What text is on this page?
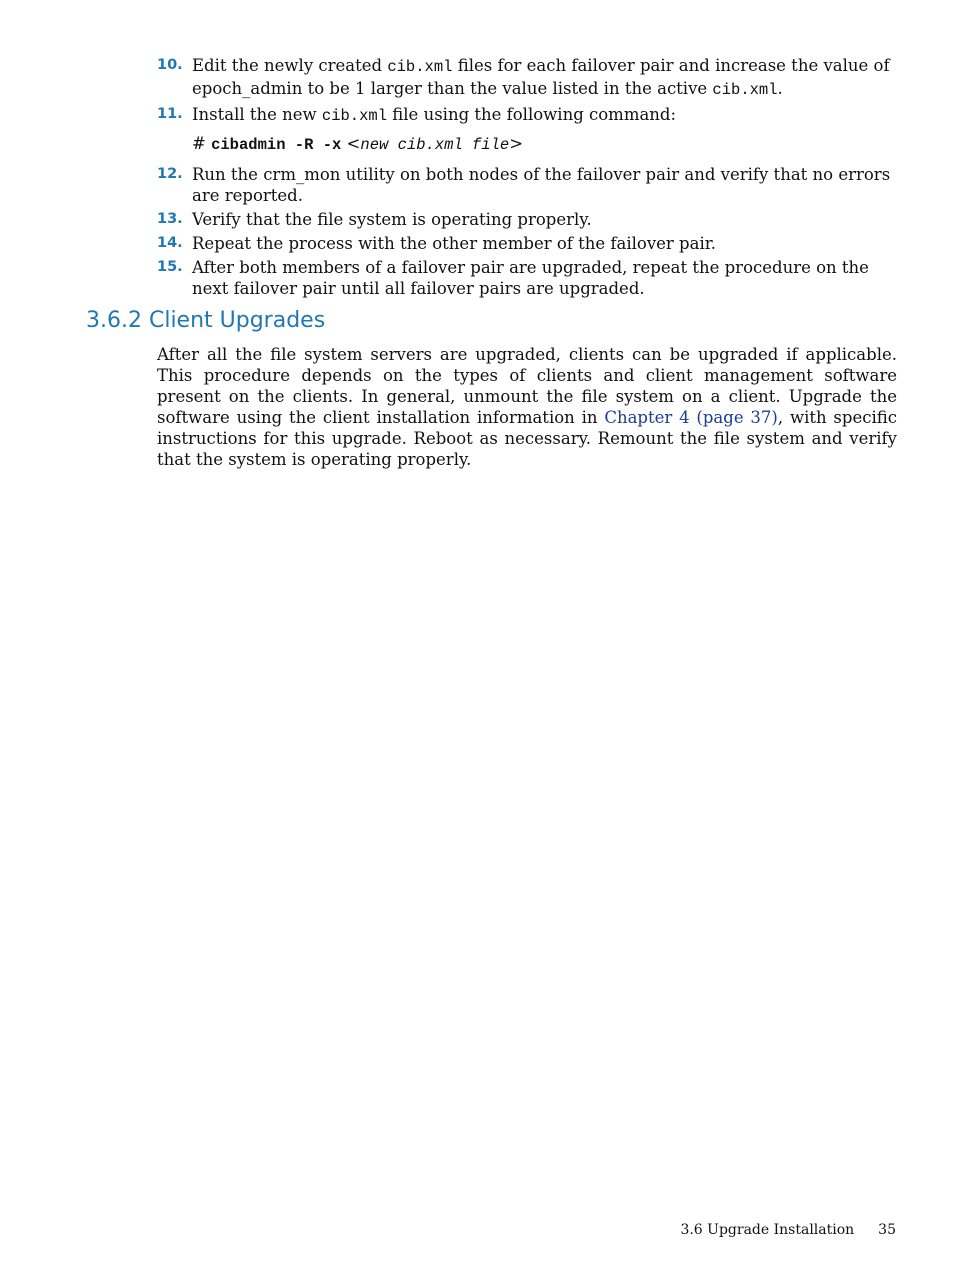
10. Edit the newly created cib.xml files for each failover pair and increase the value of epoch_admin to be 1 larger than the value listed in the active cib.xml.
11. Install the new cib.xml file using the following command:
# cibadmin -R -x <new cib.xml file>
12. Run the crm_mon utility on both nodes of the failover pair and verify that no errors are reported.
13. Verify that the file system is operating properly.
14. Repeat the process with the other member of the failover pair.
15. After both members of a failover pair are upgraded, repeat the procedure on the next failover pair until all failover pairs are upgraded.
3.6.2 Client Upgrades

After all the file system servers are upgraded, clients can be upgraded if applicable. This procedure depends on the types of clients and client management software present on the clients. In general, unmount the file system on a client. Upgrade the software using the client installation information in Chapter 4 (page 37), with specific instructions for this upgrade. Reboot as necessary. Remount the file system and verify that the system is operating properly.

3.6 Upgrade Installation 35
